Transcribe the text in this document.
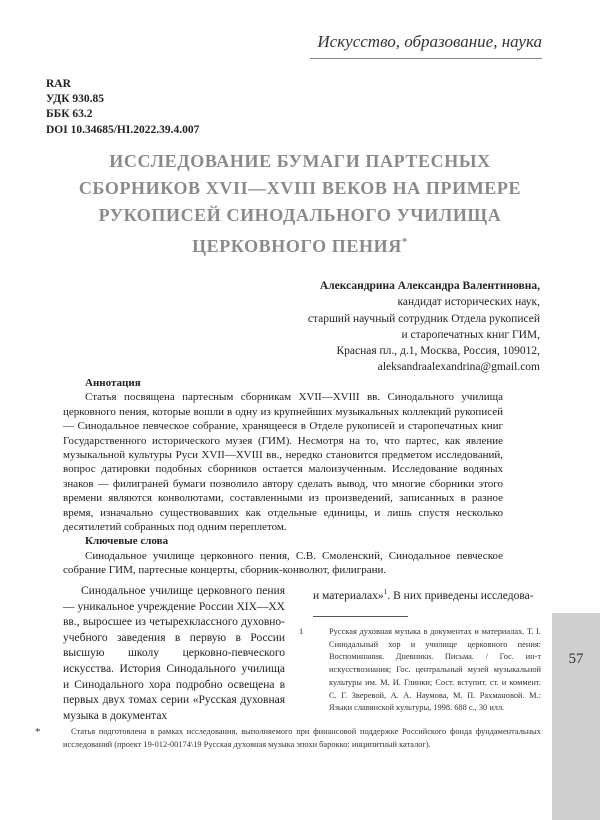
Искусство, образование, наука
RAR
УДК 930.85
ББК 63.2
DOI 10.34685/HI.2022.39.4.007
ИССЛЕДОВАНИЕ БУМАГИ ПАРТЕСНЫХ СБОРНИКОВ XVII—XVIII ВЕКОВ НА ПРИМЕРЕ РУКОПИСЕЙ СИНОДАЛЬНОГО УЧИЛИЩА ЦЕРКОВНОГО ПЕНИЯ*
Александрина Александра Валентиновна,
кандидат исторических наук,
старший научный сотрудник Отдела рукописей
и старопечатных книг ГИМ,
Красная пл., д.1, Москва, Россия, 109012,
aleksandraalexandrina@gmail.com
Аннотация
Статья посвящена партесным сборникам XVII—XVIII вв. Синодального училища церковного пения, которые вошли в одну из крупнейших музыкальных коллекций рукописей — Синодальное певческое собрание, хранящееся в Отделе рукописей и старопечатных книг Государственного исторического музея (ГИМ). Несмотря на то, что партес, как явление музыкальной культуры Руси XVII—XVIII вв., нередко становится предметом исследований, вопрос датировки подобных сборников остается малоизученным. Исследование водяных знаков — филиграней бумаги позволило автору сделать вывод, что многие сборники этого времени являются конволютами, составленными из произведений, записанных в разное время, изначально существовавших как отдельные единицы, и лишь спустя несколько десятилетий собранных под одним переплетом.
Ключевые слова
Синодальное училище церковного пения, С.В. Смоленский, Синодальное певческое собрание ГИМ, партесные концерты, сборник-конволют, филиграни.
Синодальное училище церковного пения — уникальное учреждение России XIX—XX вв., выросшее из четырехклассного духовно-учебного заведения в первую в России высшую школу церковно-певческого искусства. История Синодального училища и Синодального хора подробно освещена в первых двух томах серии «Русская духовная музыка в документах
и материалах»$^1$. В них приведены исследова-
1	Русская духовная музыка в документах и материалах. Т. I. Синодальный хор и училище церковного пения: Воспоминания. Дневники. Письма. / Гос. ин-т искусствознания; Гос. центральный музей музыкальной культуры им. М. И. Глинки; Сост. вступит. ст. и коммент. С. Г. Зверевой, А. А. Наумова, М. П. Рахмановой. М.: Языки славянской культуры, 1998. 688 с., 30 илл.
57
*	Статья подготовлена в рамках исследования, выполняемого при финансовой поддержке Российского фонда фундаментальных исследований (проект 19-012-00174\19 Русская духовная музыка эпохи барокко: инципитный каталог).
